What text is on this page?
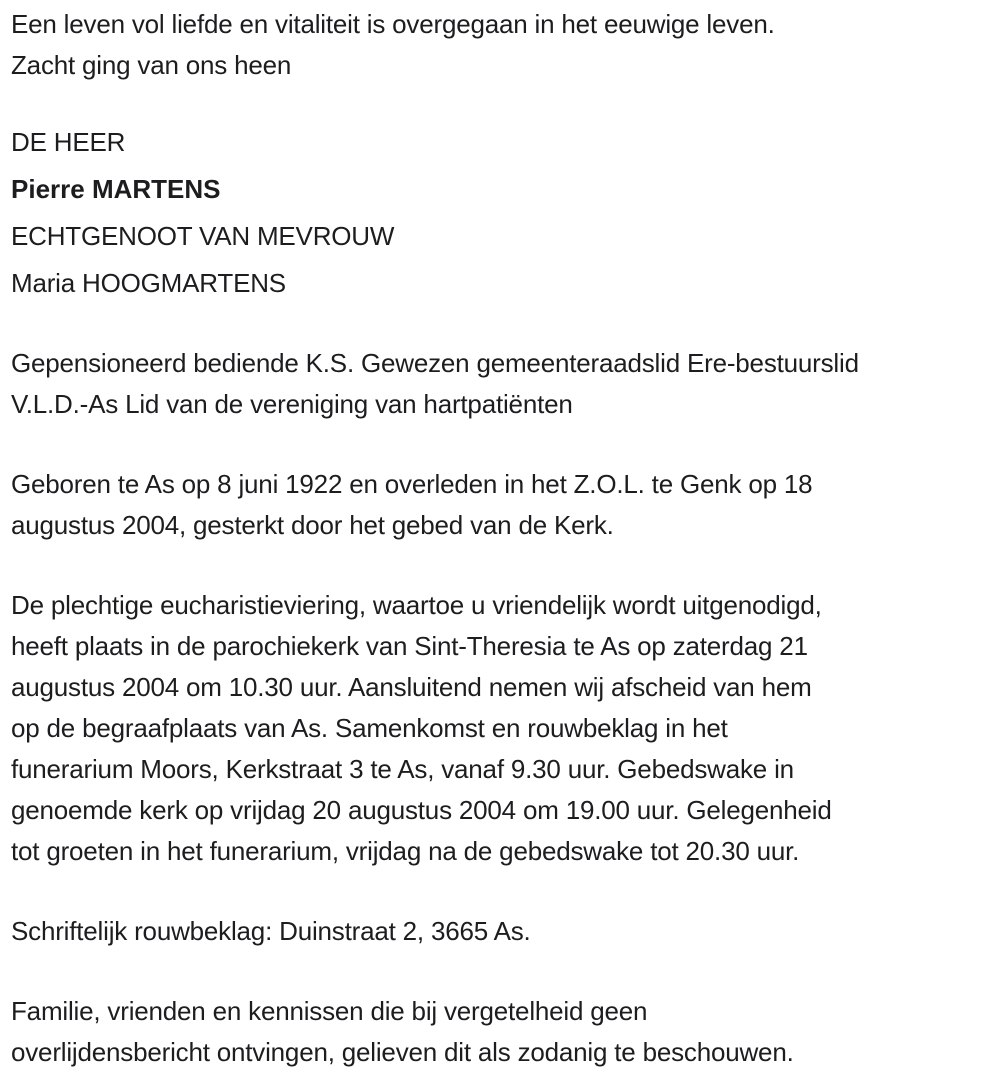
Een leven vol liefde en vitaliteit is overgegaan in het eeuwige leven.
Zacht ging van ons heen

DE HEER

Pierre MARTENS

ECHTGENOOT VAN MEVROUW

Maria HOOGMARTENS

Gepensioneerd bediende K.S. Gewezen gemeenteraadslid Ere-bestuurslid
V.L.D.-As Lid van de vereniging van hartpatiënten

Geboren te As op 8 juni 1922 en overleden in het Z.O.L. te Genk op 18
augustus 2004, gesterkt door het gebed van de Kerk.

De plechtige eucharistieviering, waartoe u vriendelijk wordt uitgenodigd,
heeft plaats in de parochiekerk van Sint-Theresia te As op zaterdag 21
augustus 2004 om 10.30 uur. Aansluitend nemen wij afscheid van hem
op de begraafplaats van As. Samenkomst en rouwbeklag in het
funerarium Moors, Kerkstraat 3 te As, vanaf 9.30 uur. Gebedswake in
genoemde kerk op vrijdag 20 augustus 2004 om 19.00 uur. Gelegenheid
tot groeten in het funerarium, vrijdag na de gebedswake tot 20.30 uur.

Schriftelijk rouwbeklag: Duinstraat 2, 3665 As.

Familie, vrienden en kennissen die bij vergetelheid geen
overlijdensbericht ontvingen, gelieven dit als zodanig te beschouwen.
